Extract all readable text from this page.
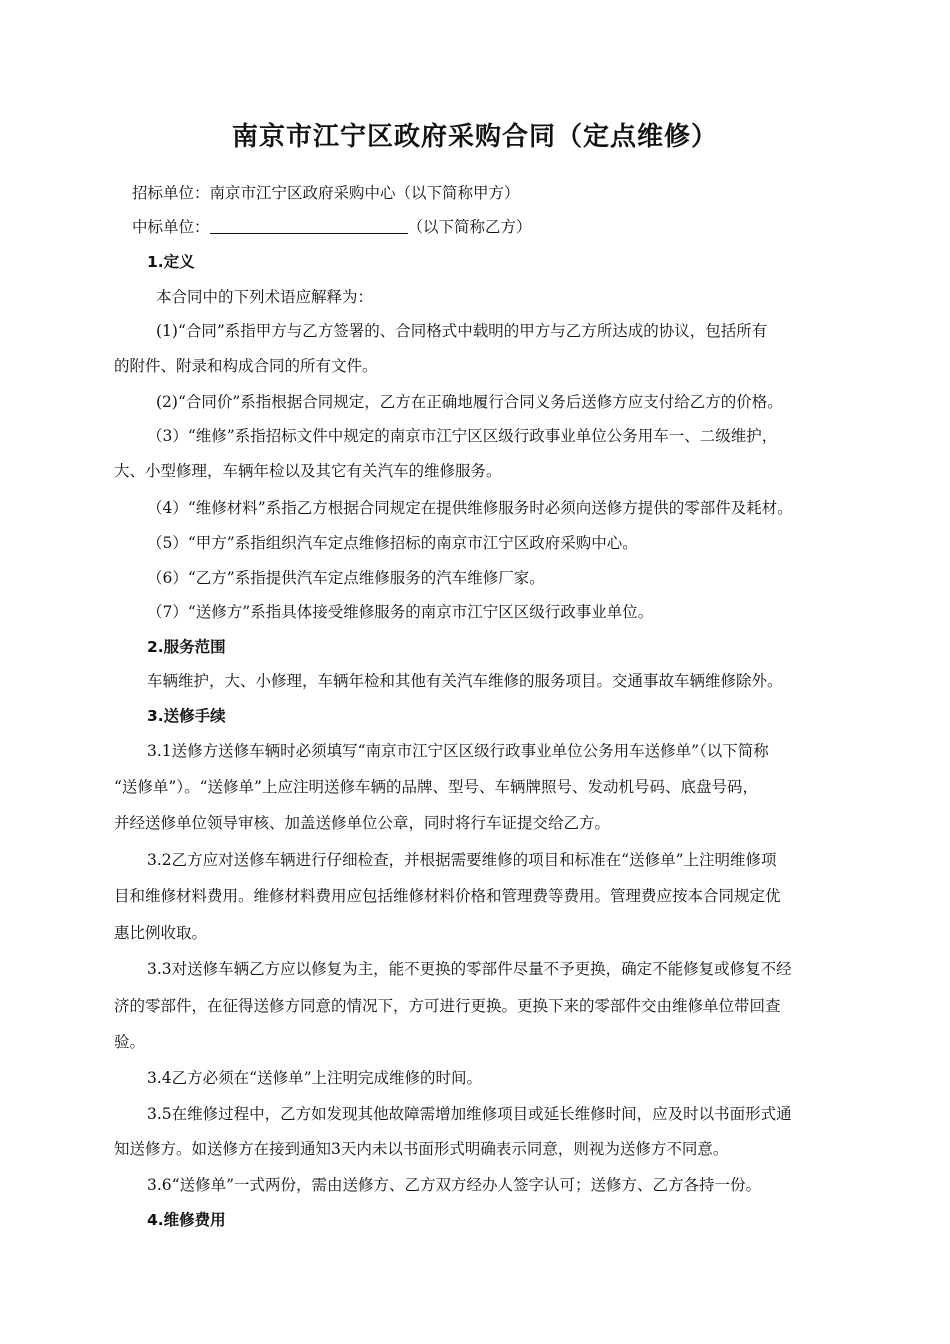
南京市江宁区政府采购合同（定点维修）
招标单位：南京市江宁区政府采购中心（以下简称甲方）
中标单位：	（以下简称乙方）
1.定义
本合同中的下列术语应解释为：
(1)“合同”系指甲方与乙方签署的、合同格式中载明的甲方与乙方所达成的协议，包括所有
的附件、附录和构成合同的所有文件。
(2)“合同价”系指根据合同规定，乙方在正确地履行合同义务后送修方应支付给乙方的价格。
（3）“维修”系指招标文件中规定的南京市江宁区区级行政事业单位公务用车一、二级维护，
大、小型修理，车辆年检以及其它有关汽车的维修服务。
（4）“维修材料”系指乙方根据合同规定在提供维修服务时必须向送修方提供的零部件及耗材。
（5）“甲方”系指组织汽车定点维修招标的南京市江宁区政府采购中心。
（6）“乙方”系指提供汽车定点维修服务的汽车维修厂家。
（7）“送修方”系指具体接受维修服务的南京市江宁区区级行政事业单位。
2.服务范围
车辆维护，大、小修理，车辆年检和其他有关汽车维修的服务项目。交通事故车辆维修除外。
3.送修手续
3.1送修方送修车辆时必须填写“南京市江宁区区级行政事业单位公务用车送修单”（以下简称
“送修单”）。“送修单”上应注明送修车辆的品牌、型号、车辆牌照号、发动机号码、底盘号码，
并经送修单位领导审核、加盖送修单位公章，同时将行车证提交给乙方。
3.2乙方应对送修车辆进行仔细检查，并根据需要维修的项目和标准在“送修单”上注明维修项
目和维修材料费用。维修材料费用应包括维修材料价格和管理费等费用。管理费应按本合同规定优
惠比例收取。
3.3对送修车辆乙方应以修复为主，能不更换的零部件尽量不予更换，确定不能修复或修复不经
济的零部件，在征得送修方同意的情况下，方可进行更换。更换下来的零部件交由维修单位带回查
验。
3.4乙方必须在“送修单”上注明完成维修的时间。
3.5在维修过程中，乙方如发现其他故障需增加维修项目或延长维修时间，应及时以书面形式通
知送修方。如送修方在接到通知3天内未以书面形式明确表示同意，则视为送修方不同意。
3.6“送修单”一式两份，需由送修方、乙方双方经办人签字认可；送修方、乙方各持一份。
4.维修费用
